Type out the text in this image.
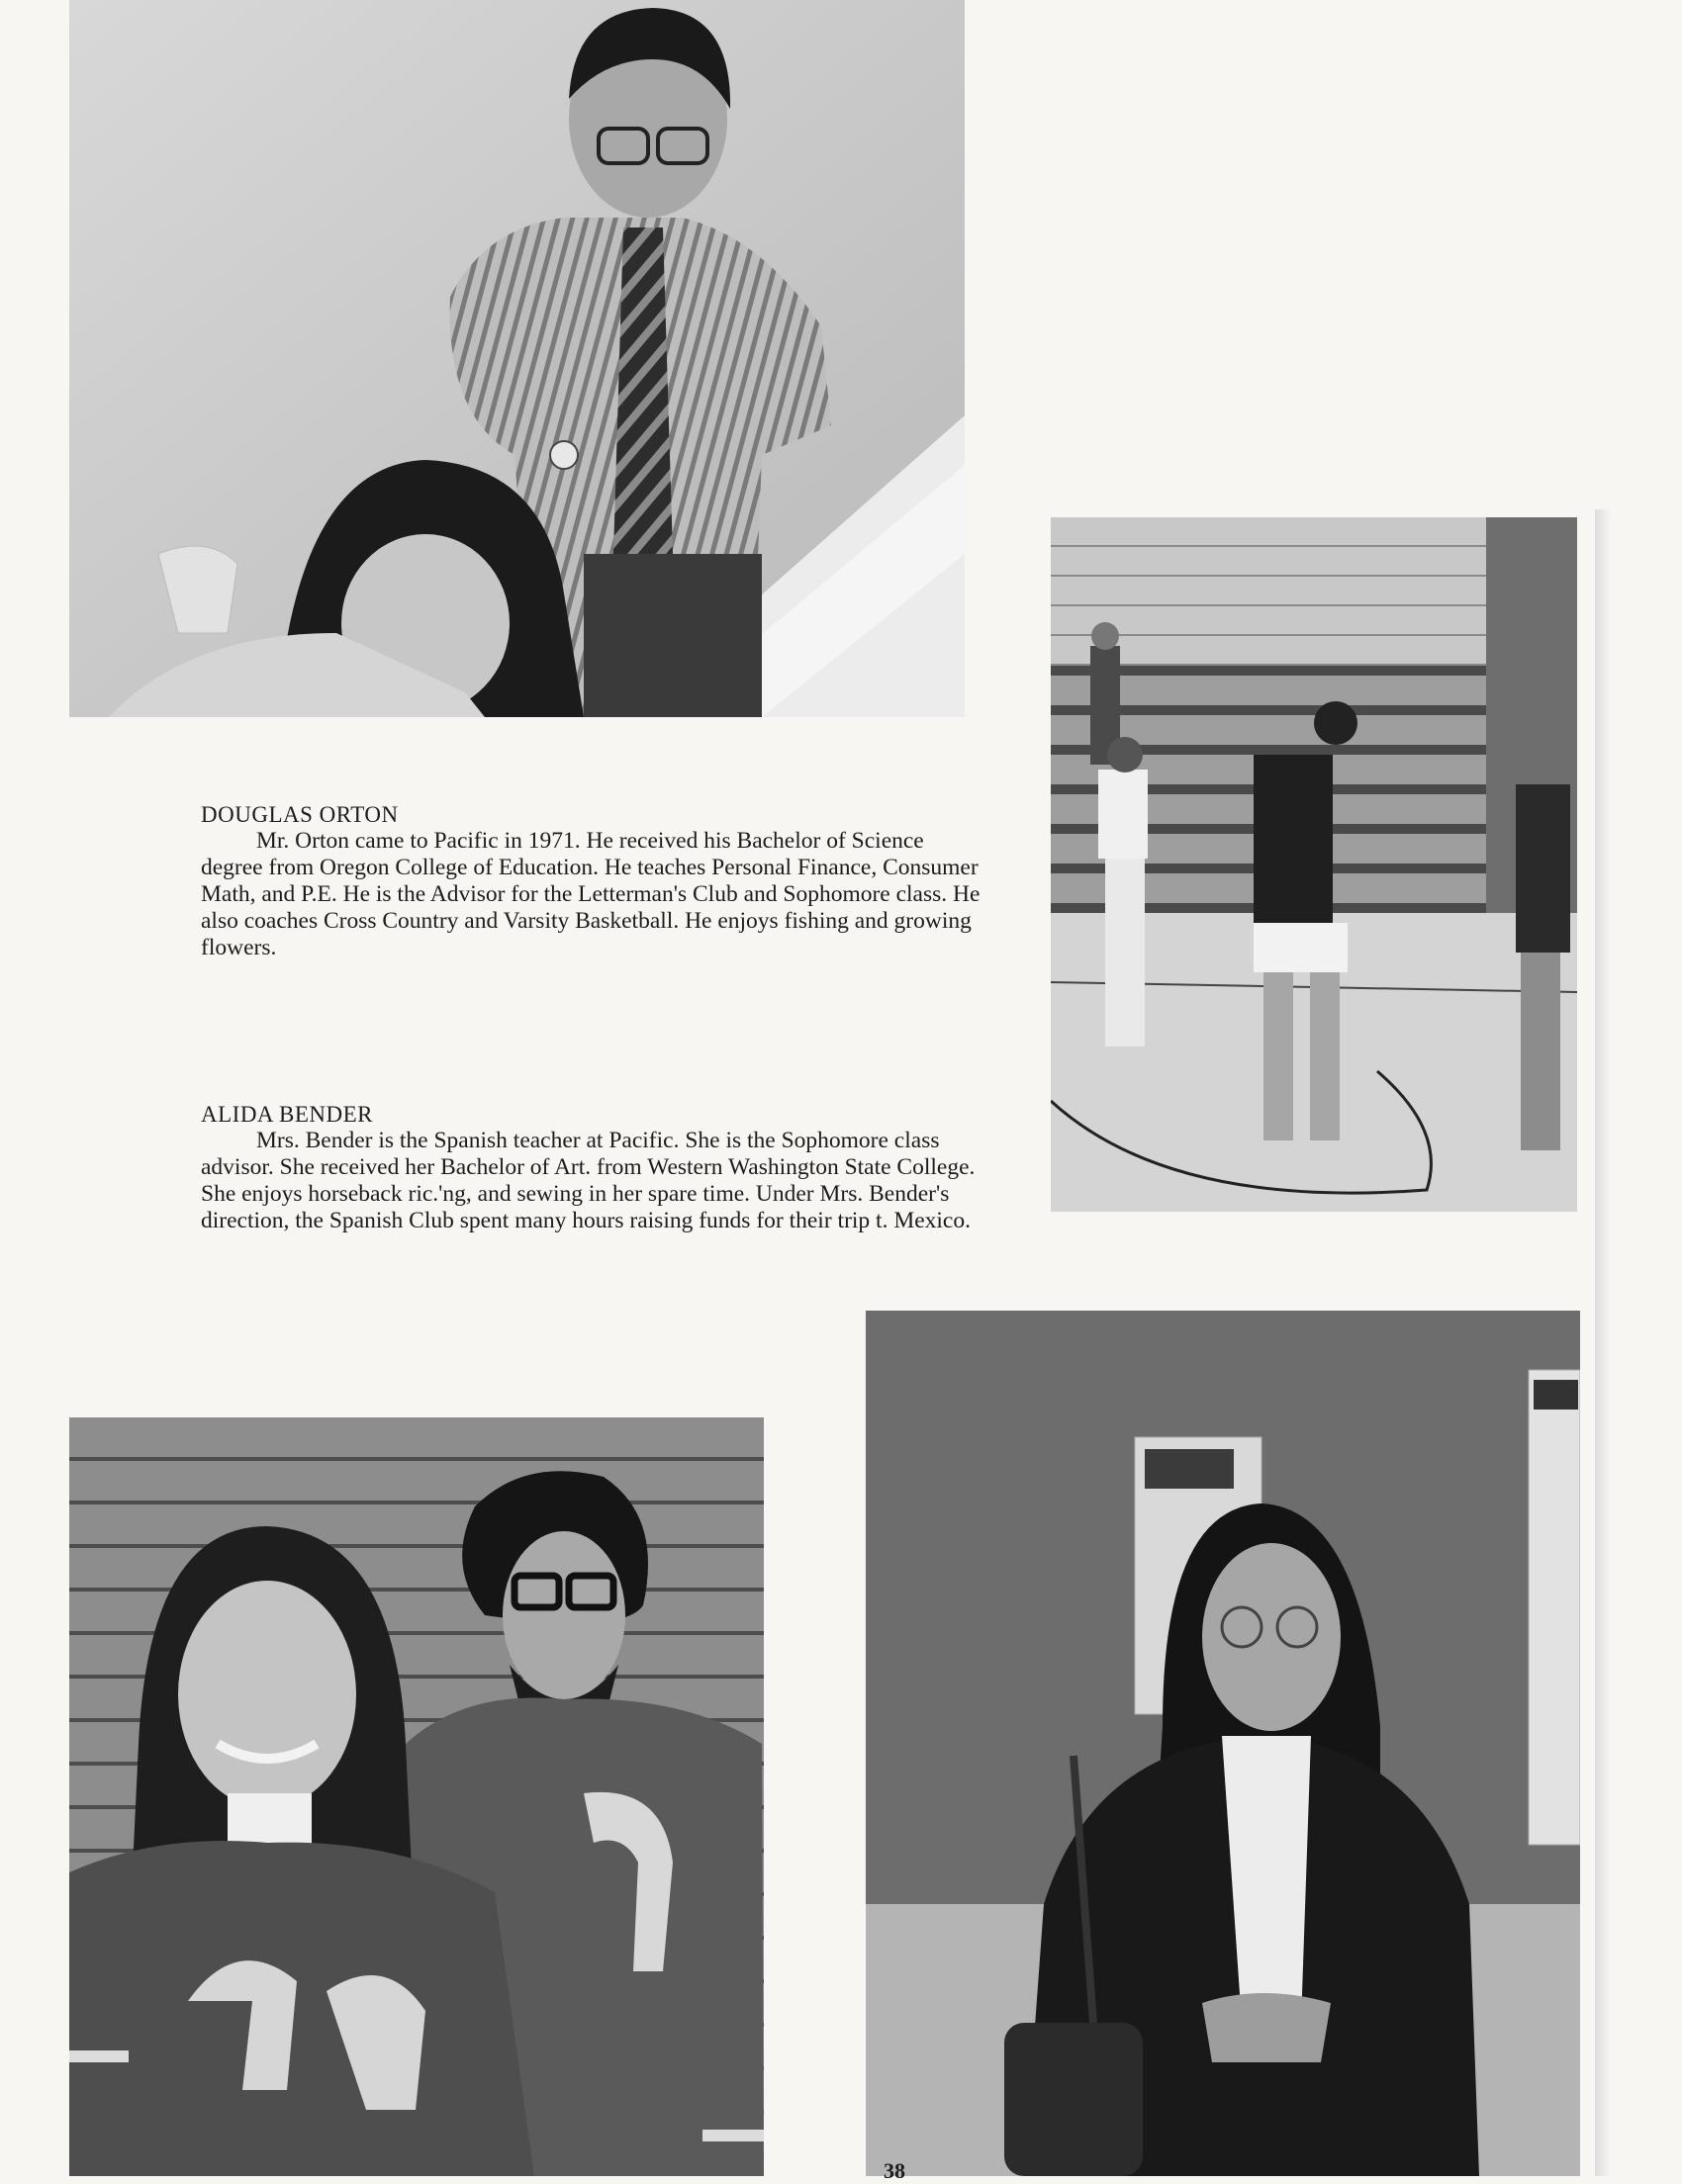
DOUGLAS ORTON
Mr. Orton came to Pacific in 1971. He received his Bachelor of Science degree from Oregon College of Education. He teaches Personal Finance, Consumer Math, and P.E. He is the Advisor for the Letterman's Club and Sophomore class. He also coaches Cross Country and Varsity Basketball. He enjoys fishing and growing flowers.
ALIDA BENDER
Mrs. Bender is the Spanish teacher at Pacific. She is the Sophomore class advisor. She received her Bachelor of Art. from Western Washington State College. She enjoys horseback ric.'ng, and sewing in her spare time. Under Mrs. Bender's direction, the Spanish Club spent many hours raising funds for their trip t. Mexico.
38
